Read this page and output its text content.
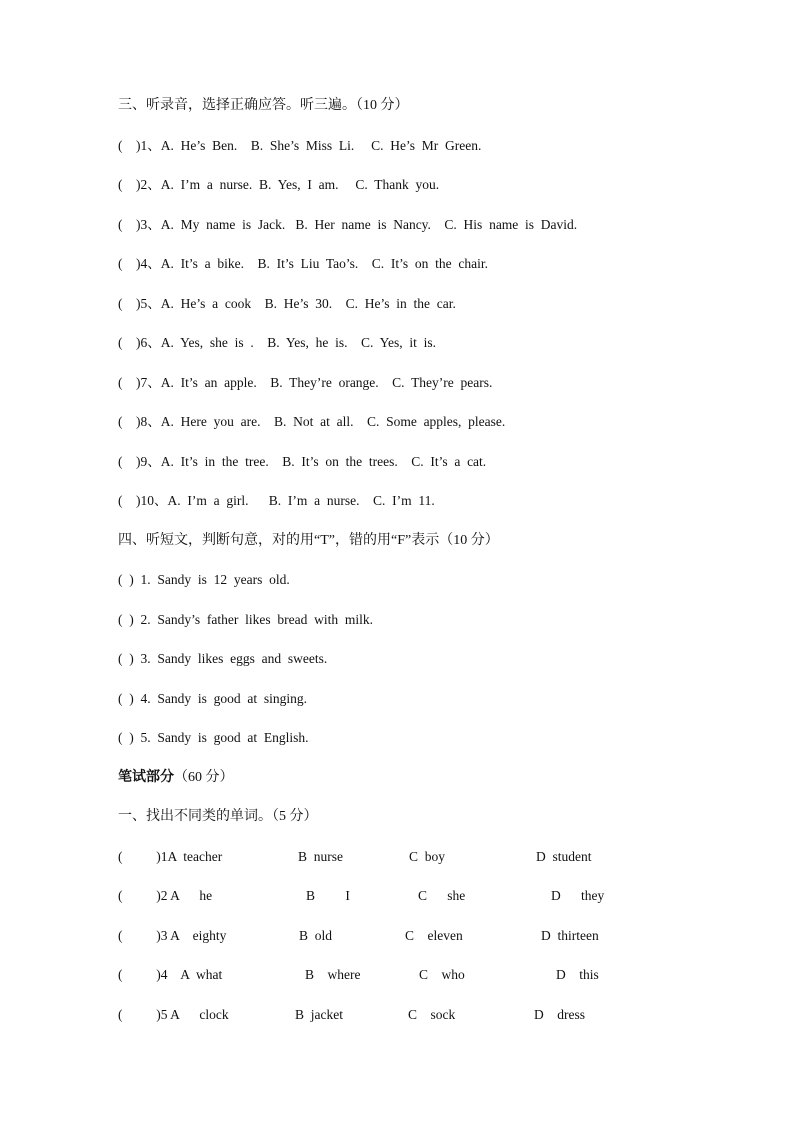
三、听录音，选择正确应答。听三遍。（10 分）
(    )1、A.  He’s  Ben.    B.  She’s  Miss  Li.     C.  He’s  Mr  Green.
(    )2、A.  I’m  a  nurse.  B.  Yes,  I  am.     C.  Thank  you.
(    )3、A.  My  name  is  Jack.   B.  Her  name  is  Nancy.    C.  His  name  is  David.
(    )4、A.  It’s  a  bike.    B.  It’s  Liu  Tao’s.    C.  It’s  on  the  chair.
(    )5、A.  He’s  a  cook    B.  He’s  30.    C.  He’s  in  the  car.
(    )6、A.  Yes,  she  is  .    B.  Yes,  he  is.    C.  Yes,  it  is.
(    )7、A.  It’s  an  apple.    B.  They’re  orange.    C.  They’re  pears.
(    )8、A.  Here  you  are.    B.  Not  at  all.    C.  Some  apples,  please.
(    )9、A.  It’s  in  the  tree.    B.  It’s  on  the  trees.    C.  It’s  a  cat.
(    )10、A.  I’m  a  girl.      B.  I’m  a  nurse.    C.  I’m  11.
四、听短文，判断句意，对的用“T”，错的用“F”表示（10 分）
(  )  1.  Sandy  is  12  years  old.
(  )  2.  Sandy’s  father  likes  bread  with  milk.
(  )  3.  Sandy  likes  eggs  and  sweets.
(  )  4.  Sandy  is  good  at  singing.
(  )  5.  Sandy  is  good  at  English.
笔试部分（60 分）
一、找出不同类的单词。（5 分）

(          )1A  teacher

	B  nurse

	C  boy

	D  student

(          )2 A      he

	B         I

	C      she

	D      they

(          )3 A    eighty

	B  old

	C    eleven

	D  thirteen

(          )4    A  what

	B    where

	C    who

	D    this

(          )5 A      clock

	B  jacket

	C    sock

	D    dress
